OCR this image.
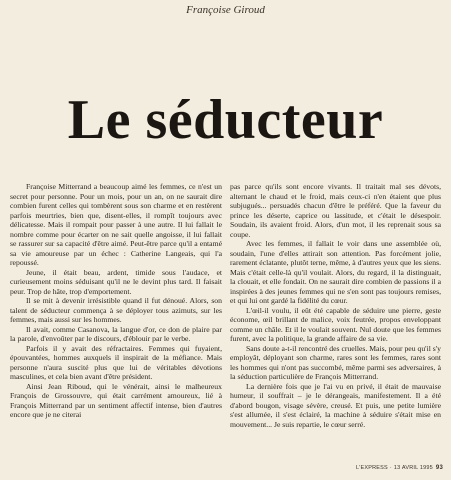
Françoise Giroud
Le séducteur

Françoise Mitterrand a beaucoup aimé les femmes, ce n'est un secret pour personne. Pour un mois, pour un an, on ne saurait dire combien furent celles qui tombèrent sous son charme et en restèrent parfois meurtries, bien que, disent-elles, il rompît toujours avec délicatesse. Mais il rompait pour passer à une autre. Il lui fallait le nombre comme pour écarter on ne sait quelle angoisse, il lui fallait se rassurer sur sa capacité d'être aimé. Peut-être parce qu'il a entamé sa vie amoureuse par un échec : Catherine Langeais, qui l'a repoussé.

Jeune, il était beau, ardent, timide sous l'audace, et curieusement moins séduisant qu'il ne le devint plus tard. Il faisait peur. Trop de hâte, trop d'emportement.

Il se mit à devenir irrésistible quand il fut dénoué. Alors, son talent de séducteur commença à se déployer tous azimuts, sur les femmes, mais aussi sur les hommes.

Il avait, comme Casanova, la langue d'or, ce don de plaire par la parole, d'envoûter par le discours, d'éblouir par le verbe.

Parfois il y avait des réfractaires. Femmes qui fuyaient, épouvantées, hommes auxquels il inspirait de la méfiance. Mais personne n'aura suscité plus que lui de véritables dévotions masculines, et cela bien avant d'être président.

Ainsi Jean Riboud, qui le vénérait, ainsi le malheureux François de Grossouvre, qui était carrément amoureux, lié à François Mitterrand par un sentiment affectif intense, bien d'autres encore que je ne citerai

pas parce qu'ils sont encore vivants. Il traitait mal ses dévots, alternant le chaud et le froid, mais ceux-ci n'en étaient que plus subjugués... persuadés chacun d'être le préféré. Que la faveur du prince les déserte, caprice ou lassitude, et c'était le désespoir. Soudain, ils avaient froid. Alors, d'un mot, il les reprenait sous sa coupe.

Avec les femmes, il fallait le voir dans une assemblée où, soudain, l'une d'elles attirait son attention. Pas forcément jolie, rarement éclatante, plutôt terne, même, à d'autres yeux que les siens. Mais c'était celle-là qu'il voulait. Alors, du regard, il la distinguait, la clouait, et elle fondait. On ne saurait dire combien de passions il a inspirées à des jeunes femmes qui ne s'en sont pas toujours remises, et qui lui ont gardé la fidélité du cœur.

L'œil-il voulu, il eût été capable de séduire une pierre, geste économe, œil brillant de malice, voix feutrée, propos enveloppant comme un châle. Et il le voulait souvent. Nul doute que les femmes furent, avec la politique, la grande affaire de sa vie.

Sans doute a-t-il rencontré des cruelles. Mais, pour peu qu'il s'y employât, déployant son charme, rares sont les femmes, rares sont les hommes qui n'ont pas succombé, même parmi ses adversaires, à la séduction particulière de François Mitterrand.

La dernière fois que je l'ai vu en privé, il était de mauvaise humeur, il souffrait – je le dérangeais, manifestement. Il a été d'abord bougon, visage sévère, creusé. Et puis, une petite lumière s'est allumée, il s'est éclairé, la machine à séduire s'était mise en mouvement... Je suis repartie, le cœur serré.

L'EXPRESS · 13 AVRIL 1995 93
